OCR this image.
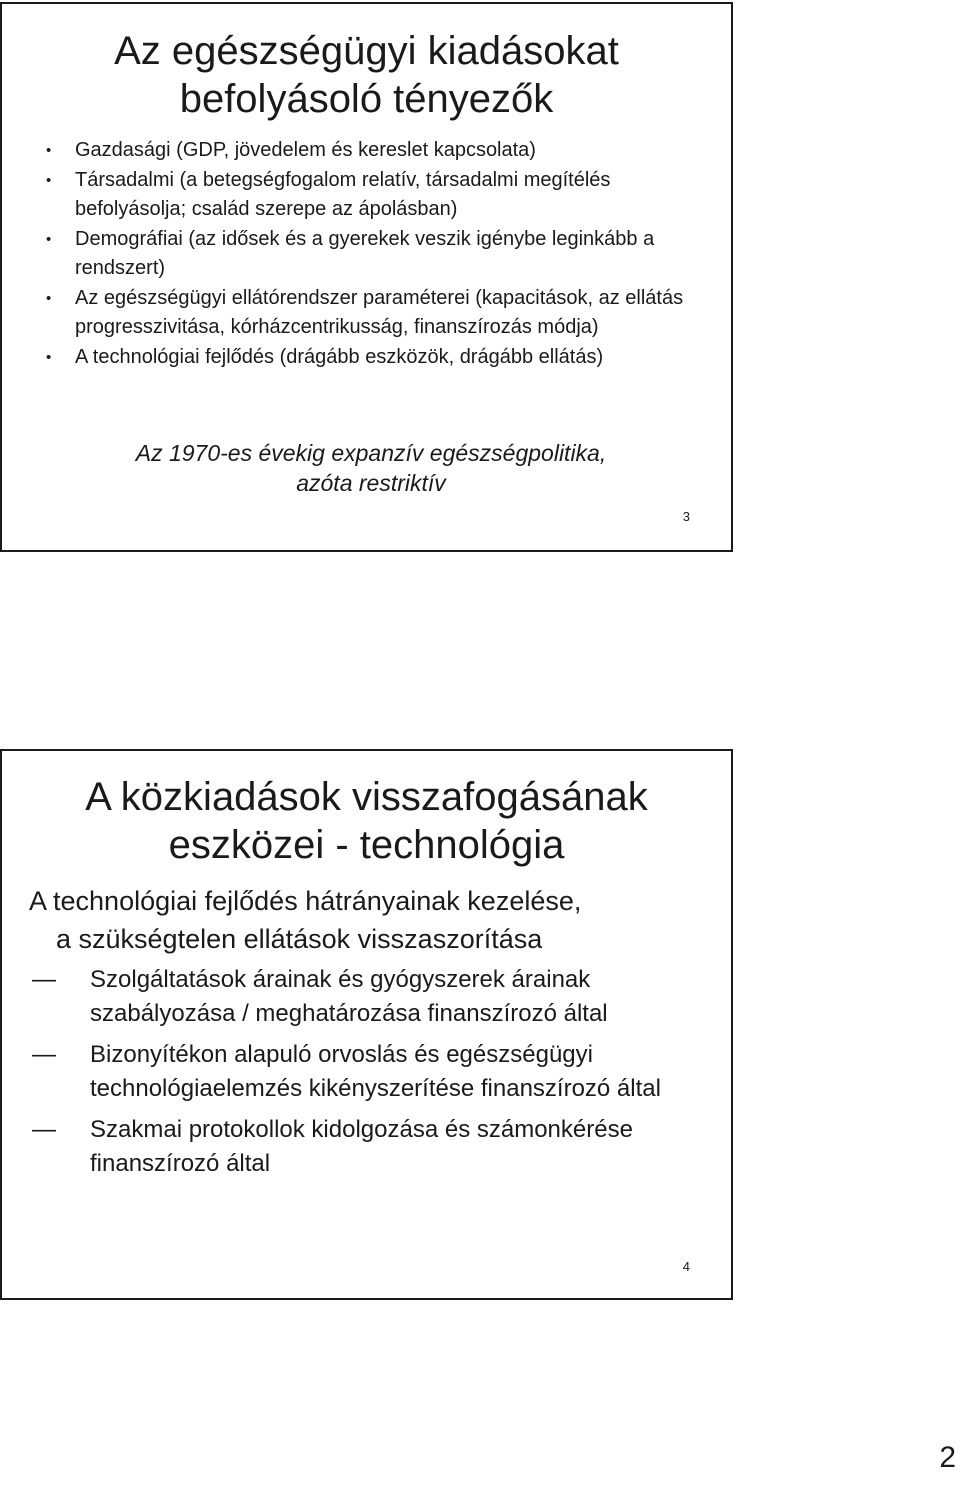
Az egészségügyi kiadásokat
befolyásoló tényezők
• Gazdasági (GDP, jövedelem és kereslet kapcsolata)
• Társadalmi (a betegségfogalom relatív, társadalmi megítélés befolyásolja; család szerepe az ápolásban)
• Demográfiai (az idősek és a gyerekek veszik igénybe leginkább a rendszert)
• Az egészségügyi ellátórendszer paraméterei (kapacitások, az ellátás progresszivitása, kórházcentrikusság, finanszírozás módja)
• A technológiai fejlődés (drágább eszközök, drágább ellátás)
Az 1970-es évekig expanzív egészségpolitika,
azóta restriktív
3
A közkiadások visszafogásának
eszközei - technológia

A technológiai fejlődés hátrányainak kezelése,
a szükségtelen ellátások visszaszorítása

— Szolgáltatások árainak és gyógyszerek árainak szabályozása / meghatározása finanszírozó által
— Bizonyítékon alapuló orvoslás és egészségügyi technológiaelemzés kikényszerítése finanszírozó által
— Szakmai protokollok kidolgozása és számonkérése finanszírozó által
4
2
